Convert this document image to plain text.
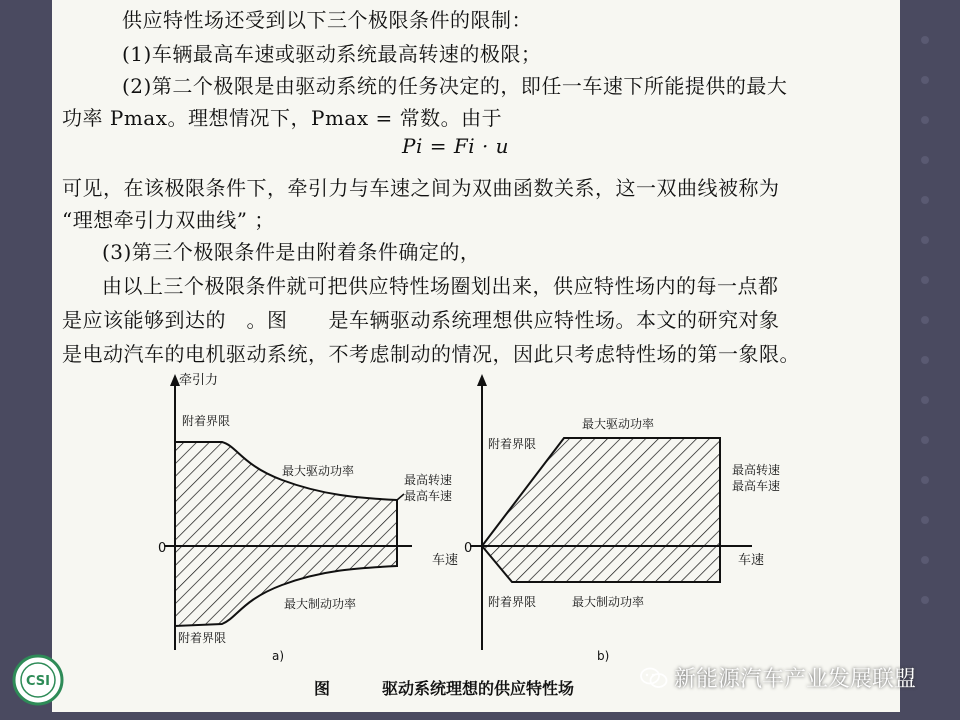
供应特性场还受到以下三个极限条件的限制：
(1)车辆最高车速或驱动系统最高转速的极限；
(2)第二个极限是由驱动系统的任务决定的，即任一车速下所能提供的最大
功率 Pmax。理想情况下，Pmax = 常数。由于
Pi = Fi · u
可见，在该极限条件下，牵引力与车速之间为双曲函数关系，这一双曲线被称为
“理想牵引力双曲线” ；
(3)第三个极限条件是由附着条件确定的，
由以上三个极限条件就可把供应特性场圈划出来，供应特性场内的每一点都
是应该能够到达的　。图　　是车辆驱动系统理想供应特性场。本文的研究对象
是电动汽车的电机驱动系统，不考虑制动的情况，因此只考虑特性场的第一象限。
牵引力
0
车速
附着界限
最大驱动功率
最高转速
最高车速
最大制动功率
附着界限
a)
0
车速
最大驱动功率
附着界限
最高转速
最高车速
附着界限	最大制动功率
b)
图	驱动系统理想的供应特性场
CSI	新能源汽车产业发展联盟
